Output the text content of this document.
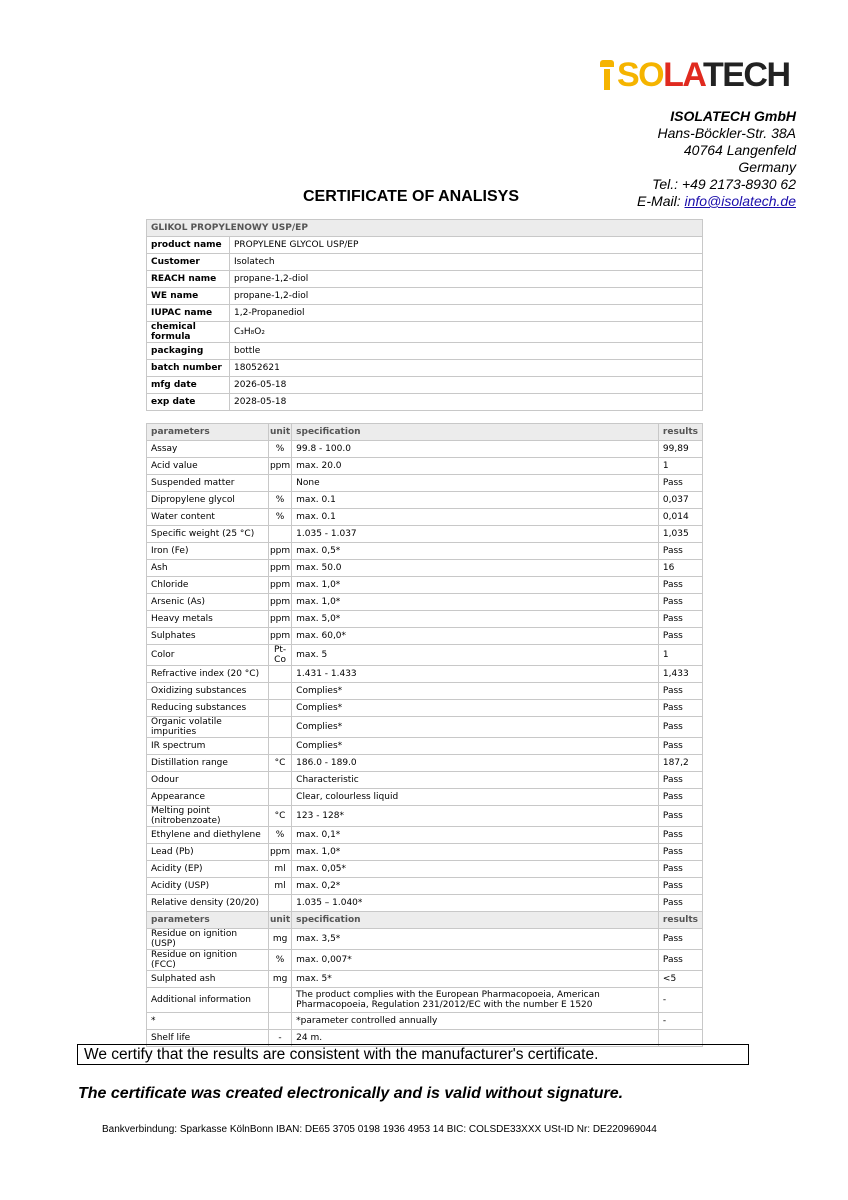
SOLATECH
ISOLATECH GmbH
Hans-Böckler-Str. 38A
40764 Langenfeld
Germany
Tel.: +49 2173-8930 62
E-Mail: info@isolatech.de
CERTIFICATE OF ANALISYS
GLIKOL PROPYLENOWY USP/EP	
product name	PROPYLENE GLYCOL USP/EP
Customer	Isolatech
REACH name	propane-1,2-diol
WE name	propane-1,2-diol
IUPAC name	1,2-Propanediol
chemical formula	C₃H₈O₂
packaging	bottle
batch number	18052621
mfg date	2026-05-18
exp date	2028-05-18
parameters	unit	specification	results
Assay	%	99.8 - 100.0	99,89
Acid value	ppm	max. 20.0	1
Suspended matter		None	Pass
Dipropylene glycol	%	max. 0.1	0,037
Water content	%	max. 0.1	0,014
Specific weight (25 °C)		1.035 - 1.037	1,035
Iron (Fe)	ppm	max. 0,5*	Pass
Ash	ppm	max. 50.0	16
Chloride	ppm	max. 1,0*	Pass
Arsenic (As)	ppm	max. 1,0*	Pass
Heavy metals	ppm	max. 5,0*	Pass
Sulphates	ppm	max. 60,0*	Pass
Color	Pt-Co	max. 5	1
Refractive index (20 °C)		1.431 - 1.433	1,433
Oxidizing substances		Complies*	Pass
Reducing substances		Complies*	Pass
Organic volatile impurities		Complies*	Pass
IR spectrum		Complies*	Pass
Distillation range	°C	186.0 - 189.0	187,2
Odour		Characteristic	Pass
Appearance		Clear, colourless liquid	Pass
Melting point (nitrobenzoate)	°C	123 - 128*	Pass
Ethylene and diethylene	%	max. 0,1*	Pass
Lead (Pb)	ppm	max. 1,0*	Pass
Acidity (EP)	ml	max. 0,05*	Pass
Acidity (USP)	ml	max. 0,2*	Pass
Relative density (20/20)		1.035 – 1.040*	Pass
parameters	unit	specification	results
Residue on ignition (USP)	mg	max. 3,5*	Pass
Residue on ignition (FCC)	%	max. 0,007*	Pass
Sulphated ash	mg	max. 5*	<5
Additional information		The product complies with the European Pharmacopoeia, American Pharmacopoeia, Regulation 231/2012/EC with the number E 1520	-
*		*parameter controlled annually	-
Shelf life	-	24 m.	
We certify that the results are consistent with the manufacturer's certificate.
The certificate was created electronically and is valid without signature.
Bankverbindung: Sparkasse KölnBonn IBAN: DE65 3705 0198 1936 4953 14 BIC: COLSDE33XXX USt-ID Nr: DE220969044
